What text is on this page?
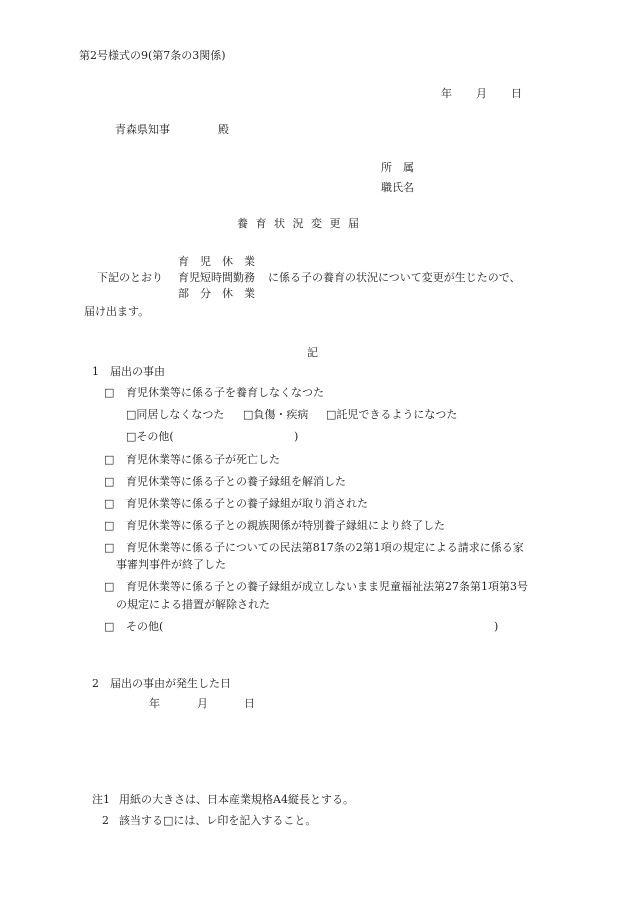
第2号様式の9(第7条の3関係)
年 月 日
青森県知事	殿
所　属
職氏名
養 育 状 況 変 更 届
育　児　休　業
下記のとおり 育児短時間勤務 に係る子の養育の状況について変更が生じたので、
部　分　休　業
届け出ます。
記
1　届出の事由
□ 育児休業等に係る子を養育しなくなつた
□同居しなくなつた □負傷・疾病 □託児できるようになつた
□その他(	)
□ 育児休業等に係る子が死亡した
□ 育児休業等に係る子との養子縁組を解消した
□ 育児休業等に係る子との養子縁組が取り消された
□ 育児休業等に係る子との親族関係が特別養子縁組により終了した
□ 育児休業等に係る子についての民法第817条の2第1項の規定による請求に係る家
事審判事件が終了した
□ 育児休業等に係る子との養子縁組が成立しないまま児童福祉法第27条第1項第3号
の規定による措置が解除された
□ その他(	)
2　届出の事由が発生した日
年	月	日
注1 用紙の大きさは、日本産業規格A4縦長とする。
2 該当する□には、レ印を記入すること。
